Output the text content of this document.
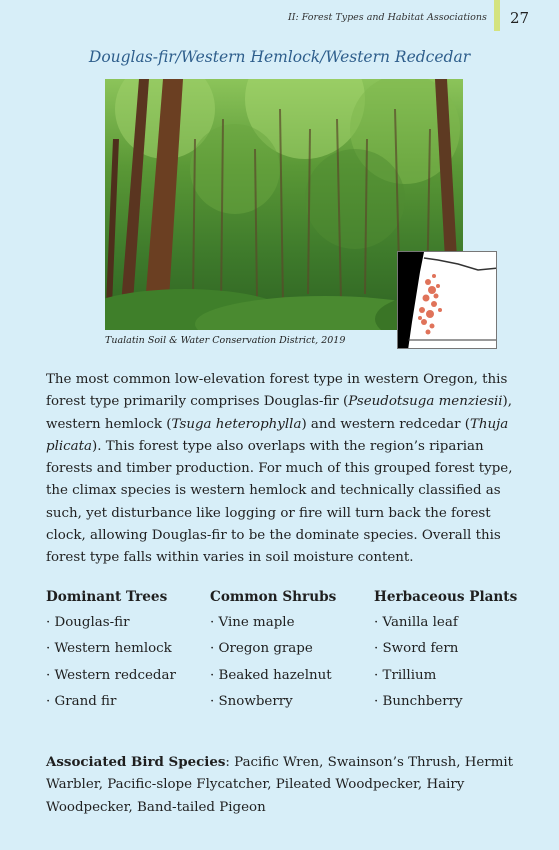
II: Forest Types and Habitat Associations 27
Douglas-fir/Western Hemlock/Western Redcedar
Tualatin Soil & Water Conservation District, 2019

The most common low-elevation forest type in western Oregon, this forest type primarily comprises Douglas-fir (Pseudotsuga menziesii), western hemlock (Tsuga heterophylla) and western redcedar (Thuja plicata). This forest type also overlaps with the region’s riparian forests and timber production. For much of this grouped forest type, the climax species is western hemlock and technically classified as such, yet disturbance like logging or fire will turn back the forest clock, allowing Douglas-fir to be the dominate species. Overall this forest type falls within varies in soil moisture content.

Dominant Trees
· Douglas-fir
· Western hemlock
· Western redcedar
· Grand fir
Common Shrubs
· Vine maple
· Oregon grape
· Beaked hazelnut
· Snowberry
Herbaceous Plants
· Vanilla leaf
· Sword fern
· Trillium
· Bunchberry

Associated Bird Species: Pacific Wren, Swainson’s Thrush, Hermit Warbler, Pacific-slope Flycatcher, Pileated Woodpecker, Hairy Woodpecker, Band-tailed Pigeon
